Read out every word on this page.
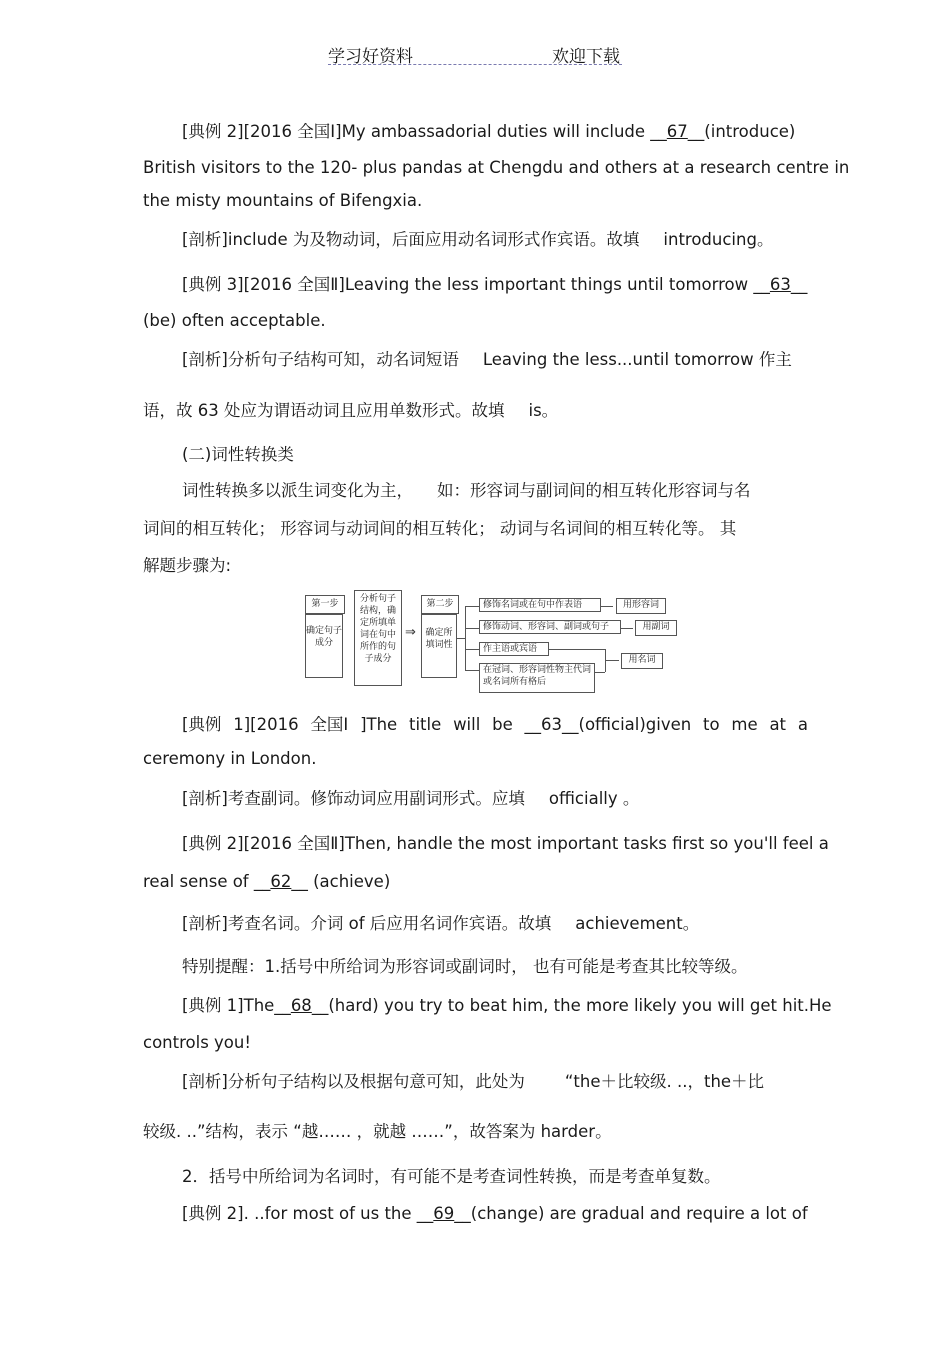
学习好资料	欢迎下载
[典例 2][2016 全国Ⅰ]My ambassadorial duties will include __67__(introduce)
British visitors to the 120- plus pandas at Chengdu and others at a research centre in
the misty mountains of Bifengxia.
[剖析]include 为及物动词，后面应用动名词形式作宾语。故填 introducing。
[典例 3][2016 全国Ⅱ]Leaving the less important things until tomorrow __63__
(be) often acceptable.
[剖析]分析句子结构可知，动名词短语 Leaving the less...until tomorrow 作主
语，故 63 处应为谓语动词且应用单数形式。故填 is。
(二)词性转换类
词性转换多以派生词变化为主， 如：形容词与副词间的相互转化形容词与名
词间的相互转化； 形容词与动词间的相互转化； 动词与名词间的相互转化等。 其
解题步骤为:
第一步
确定句子成分
分析句子结构，确定所填单词在句中所作的句子成分
⇒
第二步
确定所填词性
修饰名词或在句中作表语
修饰动词、形容词、副词或句子
作主语或宾语
在冠词、形容词性物主代词或名词所有格后
用形容词
用副词
用名词
[典例 1][2016 全国Ⅰ ]The title will be __63__(official)given to me at a
ceremony in London.
[剖析]考查副词。修饰动词应用副词形式。应填 officially 。
[典例 2][2016 全国Ⅱ]Then, handle the most important tasks first so you'll feel a
real sense of __62__ (achieve)
[剖析]考查名词。介词 of 后应用名词作宾语。故填 achievement。
特别提醒：1.括号中所给词为形容词或副词时， 也有可能是考查其比较等级。
[典例 1]The__68__(hard) you try to beat him, the more likely you will get hit.He
controls you!
[剖析]分析句子结构以及根据句意可知，此处为 “the＋比较级. ..，the＋比
较级. ..”结构，表示 “越…… ，就越 ……”，故答案为 harder。
2．括号中所给词为名词时，有可能不是考查词性转换，而是考查单复数。
[典例 2]. ..for most of us the __69__(change) are gradual and require a lot of
